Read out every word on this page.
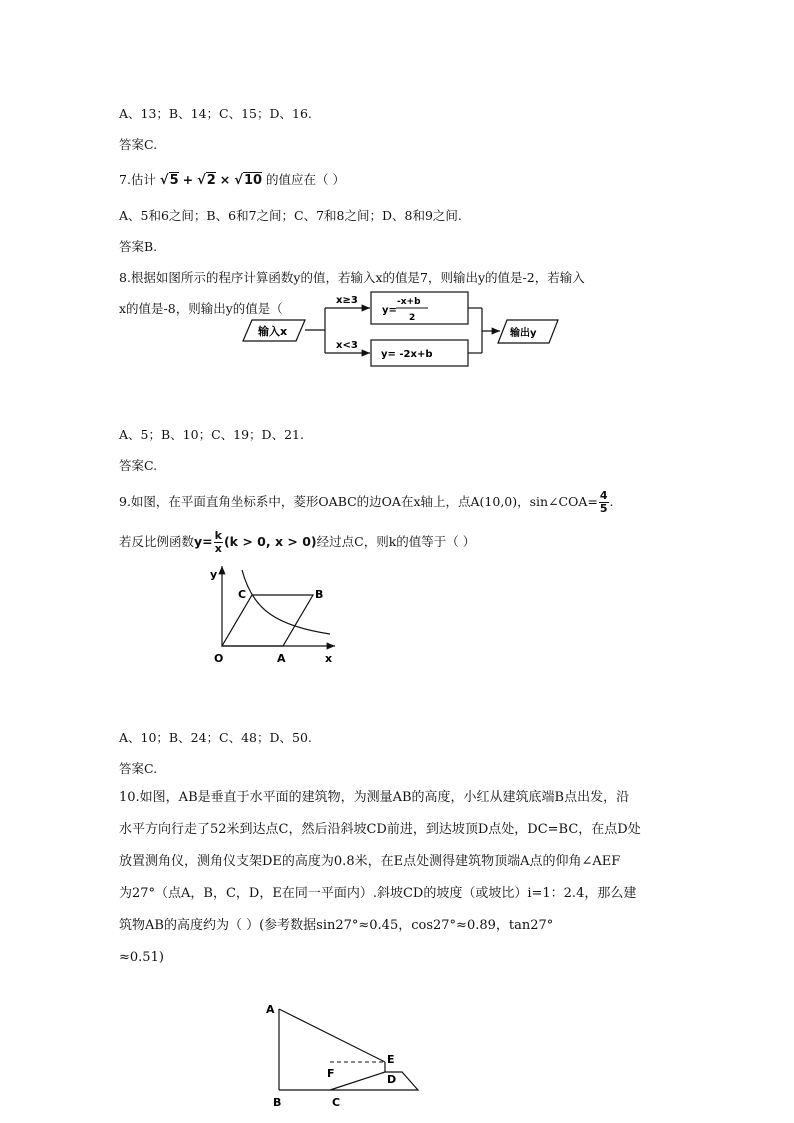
A、13；B、14；C、15；D、16.
答案C.
7.估计 √5 + √2 × √10 的值应在（ ）
A、5和6之间；B、6和7之间；C、7和8之间；D、8和9之间.
答案B.
8.根据如图所示的程序计算函数y的值，若输入x的值是7，则输出y的值是-2，若输入
x的值是-8，则输出y的值是（
输入x
x≥3
x<3
y=
-x+b
2
y= -2x+b
输出y
A、5；B、10；C、19；D、21.
答案C.
9.如图，在平面直角坐标系中，菱形OABC的边OA在x轴上，点A(10,0)，sin∠COA= $\frac{4}{5}$ .
若反比例函数$y= \frac{k}{x} (k > 0$, x > 0)经过点C，则k的值等于（ ）
y
x
O	A
B
C
A、10；B、24；C、48；D、50.
答案C.
10.如图，AB是垂直于水平面的建筑物，为测量AB的高度，小红从建筑底端B点出发，沿
水平方向行走了52米到达点C，然后沿斜坡CD前进，到达坡顶D点处，DC=BC，在点D处
放置测角仪，测角仪支架DE的高度为0.8米，在E点处测得建筑物顶端A点的仰角∠AEF
为27°（点A，B，C，D，E在同一平面内）.斜坡CD的坡度（或坡比）i=1：2.4，那么建
筑物AB的高度约为（ ）(参考数据sin27°≈0.45，cos27°≈0.89，tan27°
≈0.51)
A
B	C
D
E
F
